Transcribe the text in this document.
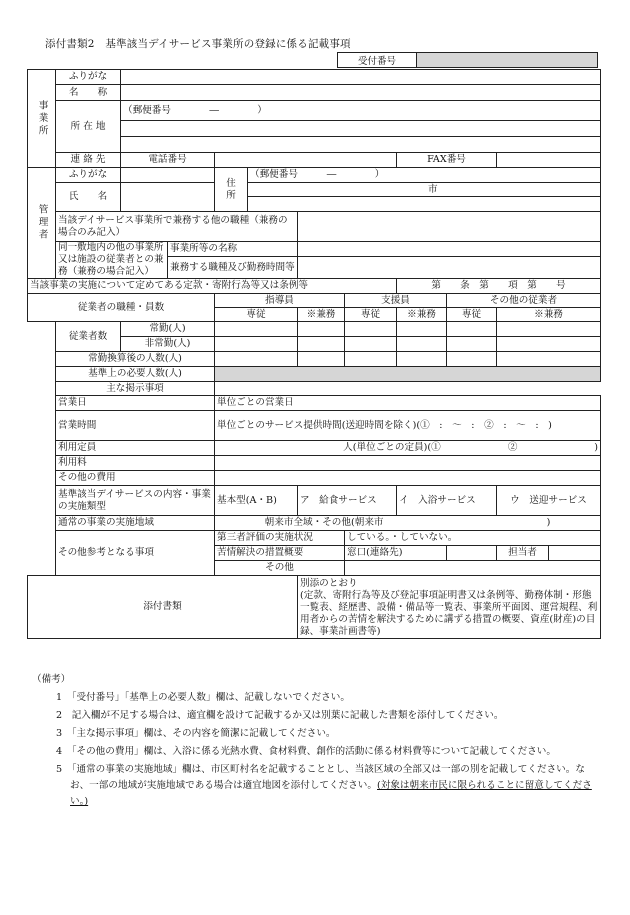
添付書類2　基準該当デイサービス事業所の登録に係る記載事項
受付番号	
事業所	ふりがな										
	名　　称										
	所 在 地	（郵便番号　　　　―　　　　）									

	連 絡 先	電話番号						FAX番号			
管理者	ふりがな			住　所	（郵便番号　　　―　　　　）						
	氏　　名				市						

	当該デイサービス事業所で兼務する他の職種（兼務の場合のみ記入）										
	同一敷地内の他の事業所又は施設の従業者との兼務（兼務の場合記入）		事業所等の名称								
			兼務する職種及び勤務時間等								

当該事業の実施について定めてある定款・寄附行為等又は条例等								第　　条　第　　項　第　　号			
従業者の職種・員数				指導員			支援員		その他の従業者		
				専従		※兼務	専従	※兼務	専従	※兼務	
	従業者数	常勤(人)									
		非常勤(人)									
	常勤換算後の人数(人)										
	基準上の必要人数(人)										
	主な掲示事項										
	営業日			単位ごとの営業日							
	営業時間			単位ごとのサービス提供時間(送迎時間を除く)(①　:　～　:　②　:　～　:　)							
	利用定員			人(単位ごとの定員)(①　　　　　　　②　　　　　　　　)							
	利用料										
	その他の費用										
	基準該当デイサービスの内容・事業の実施類型			基本型(A・B)		ア　給食サービス		イ　入浴サービス		ウ　送迎サービス	
	通常の事業の実施地域			朝来市全域・その他(朝来市　　　　　　　　　　　　　　　　　)							
	その他参考となる事項			第三者評価の実施状況			している。・していない。				
				苦情解決の措置概要			窓口(連絡先)			担当者	
				その他							
添付書類						別添のとおり
(定款、寄附行為等及び登記事項証明書又は条例等、勤務体制・形態一覧表、経歴書、設備・備品等一覧表、事業所平面図、運営規程、利用者からの苦情を解決するために講ずる措置の概要、資産(財産)の目録、事業計画書等)					
（備考）
1　「受付番号」「基準上の必要人数」欄は、記載しないでください。
2　記入欄が不足する場合は、適宜欄を設けて記載するか又は別葉に記載した書類を添付してください。
3　「主な掲示事項」欄は、その内容を簡潔に記載してください。
4　「その他の費用」欄は、入浴に係る光熱水費、食材料費、創作的活動に係る材料費等について記載してください。
5　「通常の事業の実施地域」欄は、市区町村名を記載することとし、当該区域の全部又は一部の別を記載してください。なお、一部の地域が実施地域である場合は適宜地図を添付してください。(対象は朝来市民に限られることに留意してください。)
